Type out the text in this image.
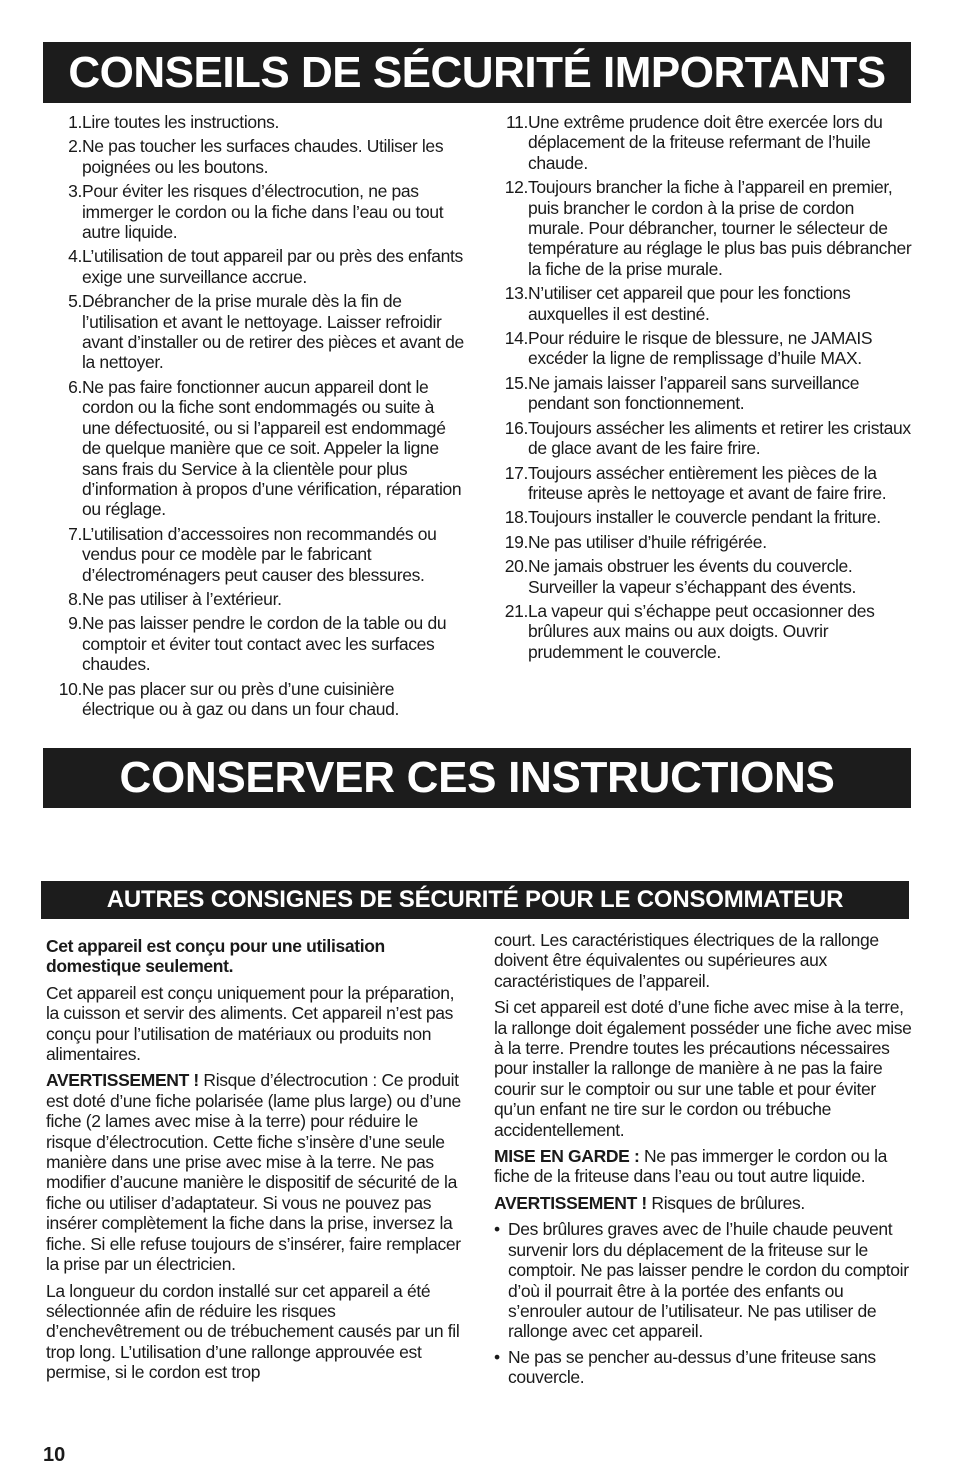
CONSEILS DE SÉCURITÉ IMPORTANTS
1. Lire toutes les instructions.
2. Ne pas toucher les surfaces chaudes. Utiliser les poignées ou les boutons.
3. Pour éviter les risques d’électrocution, ne pas immerger le cordon ou la fiche dans l’eau ou tout autre liquide.
4. L’utilisation de tout appareil par ou près des enfants exige une surveillance accrue.
5. Débrancher de la prise murale dès la fin de l’utilisation et avant le nettoyage. Laisser refroidir avant d’installer ou de retirer des pièces et avant de la nettoyer.
6. Ne pas faire fonctionner aucun appareil dont le cordon ou la fiche sont endommagés ou suite à une défectuosité, ou si l’appareil est endommagé de quelque manière que ce soit. Appeler la ligne sans frais du Service à la clientèle pour plus d’information à propos d’une vérification, réparation ou réglage.
7. L’utilisation d’accessoires non recommandés ou vendus pour ce modèle par le fabricant d’électroménagers peut causer des blessures.
8. Ne pas utiliser à l’extérieur.
9. Ne pas laisser pendre le cordon de la table ou du comptoir et éviter tout contact avec les surfaces chaudes.
10. Ne pas placer sur ou près d’une cuisinière électrique ou à gaz ou dans un four chaud.
11. Une extrême prudence doit être exercée lors du déplacement de la friteuse refermant de l’huile chaude.
12. Toujours brancher la fiche à l’appareil en premier, puis brancher le cordon à la prise de cordon murale. Pour débrancher, tourner le sélecteur de température au réglage le plus bas puis débrancher la fiche de la prise murale.
13. N’utiliser cet appareil que pour les fonctions auxquelles il est destiné.
14. Pour réduire le risque de blessure, ne JAMAIS excéder la ligne de remplissage d’huile MAX.
15. Ne jamais laisser l’appareil sans surveillance pendant son fonctionnement.
16. Toujours assécher les aliments et retirer les cristaux de glace avant de les faire frire.
17. Toujours assécher entièrement les pièces de la friteuse après le nettoyage et avant de faire frire.
18. Toujours installer le couvercle pendant la friture.
19. Ne pas utiliser d’huile réfrigérée.
20. Ne jamais obstruer les évents du couvercle. Surveiller la vapeur s’échappant des évents.
21. La vapeur qui s’échappe peut occasionner des brûlures aux mains ou aux doigts. Ouvrir prudemment le couvercle.
CONSERVER CES INSTRUCTIONS
AUTRES CONSIGNES DE SÉCURITÉ POUR LE CONSOMMATEUR

Cet appareil est conçu pour une utilisation domestique seulement.

Cet appareil est conçu uniquement pour la préparation, la cuisson et servir des aliments. Cet appareil n’est pas conçu pour l’utilisation de matériaux ou produits non alimentaires.

AVERTISSEMENT ! Risque d’électrocution : Ce produit est doté d’une fiche polarisée (lame plus large) ou d’une fiche (2 lames avec mise à la terre) pour réduire le risque d’électrocution. Cette fiche s’insère d’une seule manière dans une prise avec mise à la terre. Ne pas modifier d’aucune manière le dispositif de sécurité de la fiche ou utiliser d’adaptateur. Si vous ne pouvez pas insérer complètement la fiche dans la prise, inversez la fiche. Si elle refuse toujours de s’insérer, faire remplacer la prise par un électricien.

La longueur du cordon installé sur cet appareil a été sélectionnée afin de réduire les risques d’enchevêtrement ou de trébuchement causés par un fil trop long. L’utilisation d’une rallonge approuvée est permise, si le cordon est trop

court. Les caractéristiques électriques de la rallonge doivent être équivalentes ou supérieures aux caractéristiques de l’appareil.

Si cet appareil est doté d’une fiche avec mise à la terre, la rallonge doit également posséder une fiche avec mise à la terre. Prendre toutes les précautions nécessaires pour installer la rallonge de manière à ne pas la faire courir sur le comptoir ou sur une table et pour éviter qu’un enfant ne tire sur le cordon ou trébuche accidentellement.

MISE EN GARDE : Ne pas immerger le cordon ou la fiche de la friteuse dans l’eau ou tout autre liquide.

AVERTISSEMENT ! Risques de brûlures.

• Des brûlures graves avec de l’huile chaude peuvent survenir lors du déplacement de la friteuse sur le comptoir. Ne pas laisser pendre le cordon du comptoir d’où il pourrait être à la portée des enfants ou s’enrouler autour de l’utilisateur. Ne pas utiliser de rallonge avec cet appareil.
• Ne pas se pencher au-dessus d’une friteuse sans couvercle.
10
